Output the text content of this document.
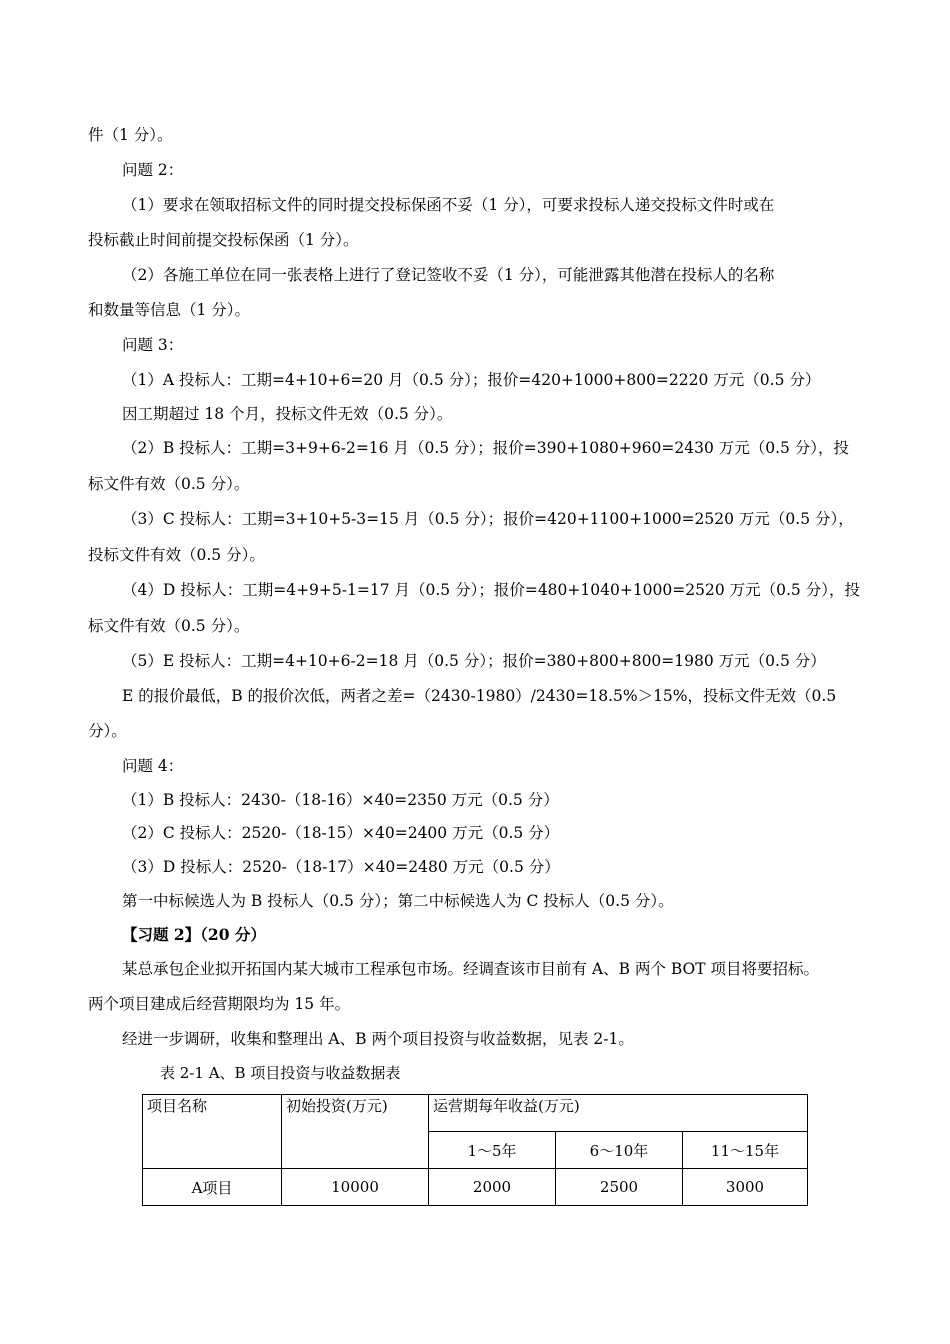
件（1 分）。
问题 2：
（1）要求在领取招标文件的同时提交投标保函不妥（1 分），可要求投标人递交投标文件时或在
投标截止时间前提交投标保函（1 分）。
（2）各施工单位在同一张表格上进行了登记签收不妥（1 分），可能泄露其他潜在投标人的名称
和数量等信息（1 分）。
问题 3：
（1）A 投标人：工期=4+10+6=20 月（0.5 分）；报价=420+1000+800=2220 万元（0.5 分）
因工期超过 18 个月，投标文件无效（0.5 分）。
（2）B 投标人：工期=3+9+6-2=16 月（0.5 分）；报价=390+1080+960=2430 万元（0.5 分），投
标文件有效（0.5 分）。
（3）C 投标人：工期=3+10+5-3=15 月（0.5 分）；报价=420+1100+1000=2520 万元（0.5 分），
投标文件有效（0.5 分）。
（4）D 投标人：工期=4+9+5-1=17 月（0.5 分）；报价=480+1040+1000=2520 万元（0.5 分），投
标文件有效（0.5 分）。
（5）E 投标人：工期=4+10+6-2=18 月（0.5 分）；报价=380+800+800=1980 万元（0.5 分）
E 的报价最低，B 的报价次低，两者之差=（2430-1980）/2430=18.5%＞15%，投标文件无效（0.5
分）。
问题 4：
（1）B 投标人：2430-（18-16）×40=2350 万元（0.5 分）
（2）C 投标人：2520-（18-15）×40=2400 万元（0.5 分）
（3）D 投标人：2520-（18-17）×40=2480 万元（0.5 分）
第一中标候选人为 B 投标人（0.5 分）；第二中标候选人为 C 投标人（0.5 分）。
【习题 2】（20 分）
某总承包企业拟开拓国内某大城市工程承包市场。经调查该市目前有 A、B 两个 BOT 项目将要招标。
两个项目建成后经营期限均为 15 年。
经进一步调研，收集和整理出 A、B 两个项目投资与收益数据，见表 2-1。
表 2-1 A、B 项目投资与收益数据表
项目名称	初始投资(万元)	运营期每年收益(万元)		
		1～5年	6～10年	11～15年
A项目	10000	2000	2500	3000
